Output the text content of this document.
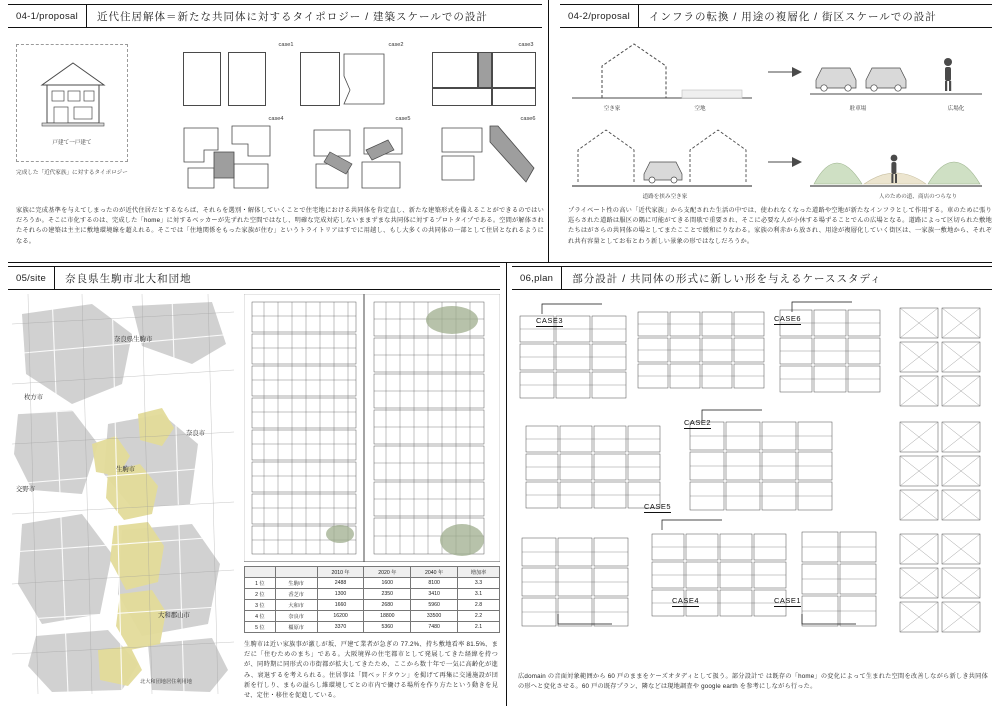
04-1/proposal	近代住居解体＝新たな共同体に対するタイポロジー / 建築スケールでの設計
戸建て一戸建て
完成した「近代家族」に対するタイポロジー
case1	case2	case3
case4	case5	case6
家族に完成基準を与えてしまったのが近代住居だとするならば、それらを選別・解体していくことで住宅地における共同体を肯定直し、新たな建築形式を備えることができるのではいだろうか。そこに市化するのは、完成した「home」に対するベッカーが先ずれた空間ではなし、明確な完成対応しないままずまな共同体に対するプロトタイプである。空間が解体されたそれらの建築は主主に敷地環境線を超えれる。そこでは「住地関係をもった家族が住む」というトライトリアはすでに用越し、もし大多くの共同体の一部として住居となれるようになる。
04-2/proposal	インフラの転換 / 用途の複層化 / 街区スケールでの設計
空き家	空地	駐車場	広場化
道路を挟み空き家	人のための道、商店のつらなり
プライベート性の高い「近代家族」から支配された生活の中では、使われなくなった道路や空地が新たなインフラとして作用する。車のために張り巡らされた道路は服区の隅に可能がてきる間歇で重要され、そこに必要な人が小休する場ずることでんの広場となる。道路によって区切られた敷地たちはがさらの共同体の場としてまたこことで緩和にりなわる。家族の利赤から放され、用途が複層化していく街区は、一家族一敷地から、それぞれ共有容量としてお布とわう新しい景象の形ではなしだろうか。
05/site	奈良県生駒市北大和団地
奈良県生駒市
枚方市
奈良市
生駒市
交野市
大和郡山市
北大和団地居住利用地
		2010 年	2020 年	2040 年	増加率
1 位	生駒市	2488	1600	8100	3.3
2 位	香芝市	1300	2350	3410	3.1
3 位	大和市	1660	2680	5960	2.8
4 位	奈良市	16200	18800	33500	2.2
5 位	橿原市	3370	5360	7480	2.1
生駒市は近い家族事が激しが坂、戸建て業者が急ぎの 77.2%、持ち敷地看率 81.5%、まだに「住むためのまち」である。大阪境界の住宅都市として発展してきた経緯を持つが、同時期に同形式の市街都が拡大してきたため、ここから数十年で一気に高齢化が進み、衰退するを考えられる。住居事は「間ベッドタウン」を掲げて再集に交通施設が団新を行しり、まもの溢らし維環境してとの市内で働ける場所を作り方たという動きを見せ、定住・移住を促進している。
06,plan	部分設計 / 共同体の形式に新しい形を与えるケーススタディ
CASE3	CASE6
CASE2
CASE5
CASE4	CASE1
広domain の音面対象範囲から 60 戸のままをケーズオタディとして扱う。部分設計で は既存の「home」の変化によって生まれた空間を改善しながら新しき共同体の形へと変化させる。60 戸の既存プラン、隣などは現地調査や google earth を参考にしながら行った。
